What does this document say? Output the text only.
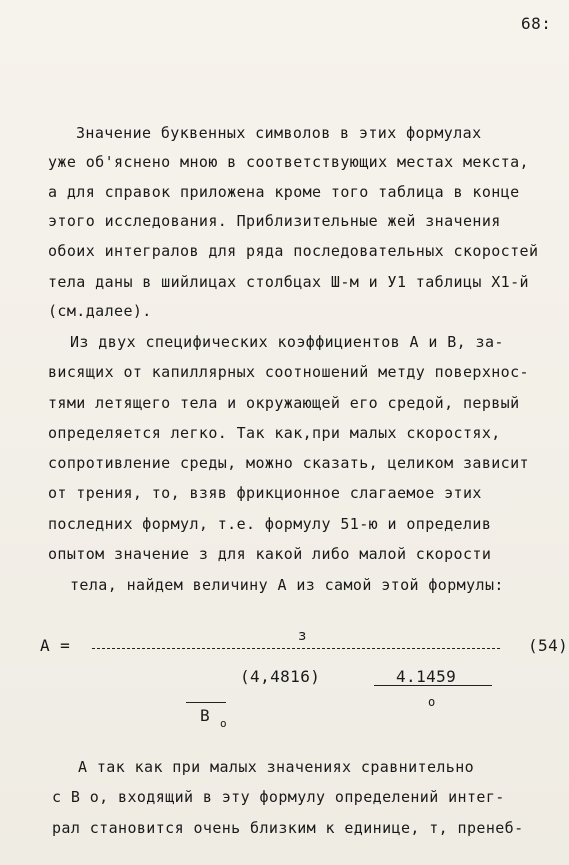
68:
Значение буквенных символов в этих формулах
уже об'яснено мною в соответствующих местах мекста,
а для справок приложена кроме того таблица в конце
этого исследования. Приблизительные жей значения
обоих интегралов для ряда последовательных скоростей
тела даны в шийлицах столбцах Ш-м и У1 таблицы Х1-й
(см.далее).
Из двух специфических коэффициентов А и В, за-
висящих от капиллярных соотношений метду поверхнос-
тями летящего тела и окружающей его средой, первый
определяется легко. Так как,при малых скоростях,
сопротивление среды, можно сказать, целиком зависит
от трения, то, взяв фрикционное слагаемое этих
последних формул, т.е. формулу 51-ю и определив
опытом значение з для какой либо малой скорости
тела, найдем величину А из самой этой формулы:
А =	з	(54)
(4,4816)	4.1459
о
В о
А так как при малых значениях сравнительно
с В о, входящий в эту формулу определений интег-
рал становится очень близким к единице, т, пренеб-
